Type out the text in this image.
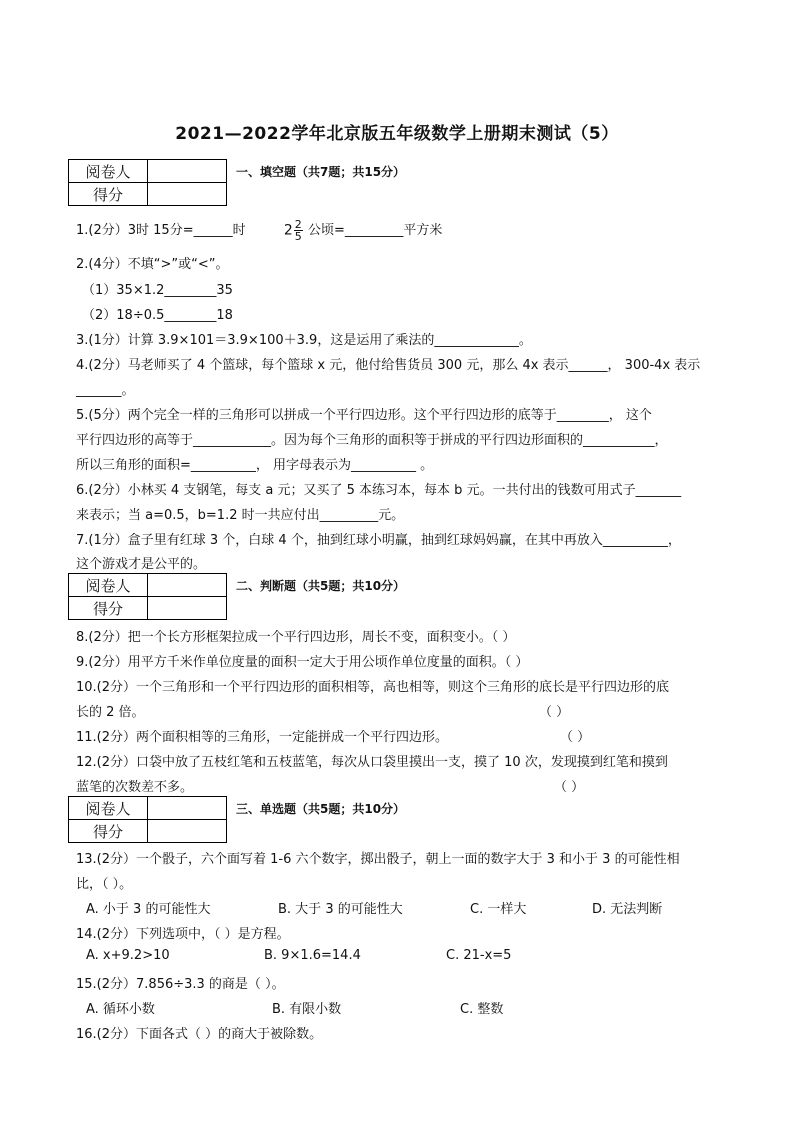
2021—2022学年北京版五年级数学上册期末测试（5）
阅卷人	
得分	
一、填空题（共7题；共15分）
1.(2分）3时 15分=______时	$2 \frac{2}{5}$ 公顷=_________平方米
2.(4分）不填“>”或“<”。
（1）35×1.2________35
（2）18÷0.5________18
3.(1分）计算 3.9×101＝3.9×100＋3.9，这是运用了乘法的_____________。
4.(2分）马老师买了 4 个篮球，每个篮球 x 元，他付给售货员 300 元，那么 4x 表示______， 300-4x 表示
_______。
5.(5分）两个完全一样的三角形可以拼成一个平行四边形。这个平行四边形的底等于________， 这个
平行四边形的高等于____________。因为每个三角形的面积等于拼成的平行四边形面积的___________，
所以三角形的面积=__________， 用字母表示为__________ 。
6.(2分）小林买 4 支钢笔，每支 a 元；又买了 5 本练习本，每本 b 元。一共付出的钱数可用式子_______
来表示；当 a=0.5，b=1.2 时一共应付出_________元。
7.(1分）盒子里有红球 3 个，白球 4 个，抽到红球小明赢，抽到红球妈妈赢，在其中再放入__________，
这个游戏才是公平的。
阅卷人	
得分	
二、判断题（共5题；共10分）
8.(2分）把一个长方形框架拉成一个平行四边形，周长不变，面积变小。（ ）
9.(2分）用平方千米作单位度量的面积一定大于用公顷作单位度量的面积。（ ）
10.(2分）一个三角形和一个平行四边形的面积相等，高也相等，则这个三角形的底长是平行四边形的底
长的 2 倍。	（ ）
11.(2分）两个面积相等的三角形，一定能拼成一个平行四边形。	（ ）
12.(2分）口袋中放了五枝红笔和五枝蓝笔，每次从口袋里摸出一支，摸了 10 次，发现摸到红笔和摸到
蓝笔的次数差不多。	（ ）
阅卷人	
得分	
三、单选题（共5题；共10分）
13.(2分）一个骰子，六个面写着 1-6 六个数字，掷出骰子，朝上一面的数字大于 3 和小于 3 的可能性相
比，（ ）。
A. 小于 3 的可能性大	B. 大于 3 的可能性大	C. 一样大	D. 无法判断
14.(2分）下列选项中，（ ）是方程。
A. x+9.2>10	B. 9×1.6=14.4	C. 21-x=5
15.(2分）7.856÷3.3 的商是（ ）。
A. 循环小数	B. 有限小数	C. 整数
16.(2分）下面各式（ ）的商大于被除数。
